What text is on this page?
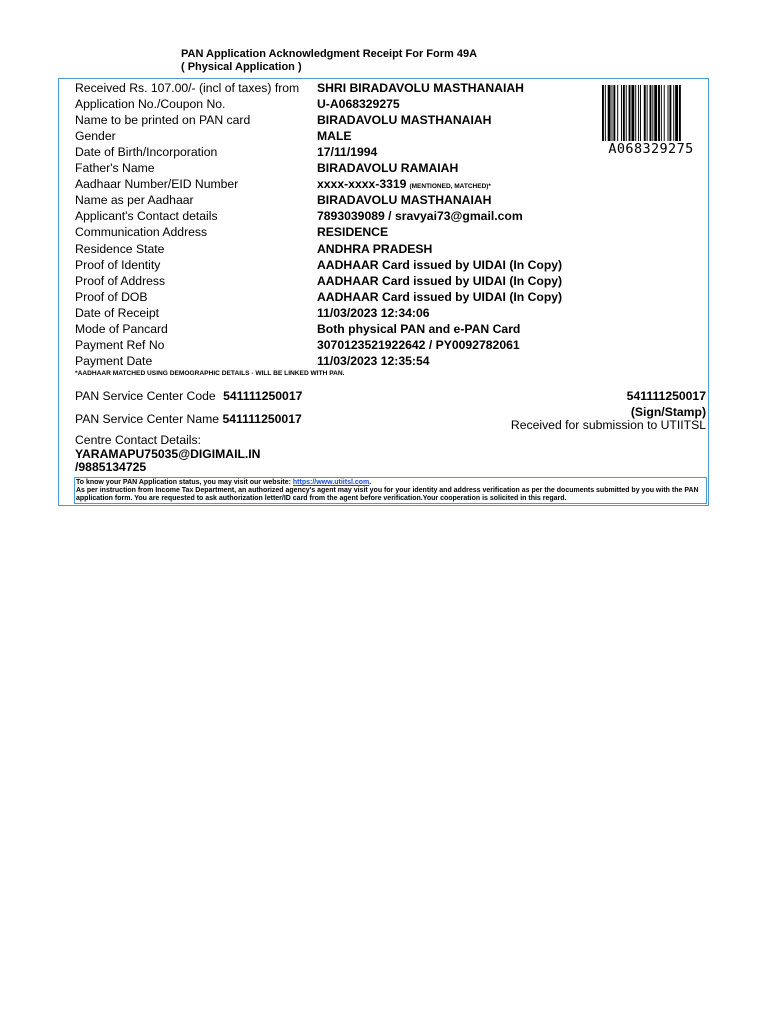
PAN Application Acknowledgment Receipt For Form 49A
( Physical Application )
Received Rs. 107.00/- (incl of taxes) from SHRI BIRADAVOLU MASTHANAIAH
Application No./Coupon No.	U-A068329275
Name to be printed on PAN card	BIRADAVOLU MASTHANAIAH
Gender	MALE
Date of Birth/Incorporation	17/11/1994
Father's Name	BIRADAVOLU RAMAIAH
Aadhaar Number/EID Number	xxxx-xxxx-3319 (MENTIONED, MATCHED)*
Name as per Aadhaar	BIRADAVOLU MASTHANAIAH
Applicant's Contact details	7893039089 / sravyai73@gmail.com
Communication Address	RESIDENCE
Residence State	ANDHRA PRADESH
Proof of Identity	AADHAAR Card issued by UIDAI (In Copy)
Proof of Address	AADHAAR Card issued by UIDAI (In Copy)
Proof of DOB	AADHAAR Card issued by UIDAI (In Copy)
Date of Receipt	11/03/2023 12:34:06
Mode of Pancard	Both physical PAN and e-PAN Card
Payment Ref No	3070123521922642 / PY0092782061
Payment Date	11/03/2023 12:35:54
A068329275
*AADHAAR MATCHED USING DEMOGRAPHIC DETAILS - WILL BE LINKED WITH PAN.
PAN Service Center Code 541111250017
PAN Service Center Name 541111250017
541111250017
(Sign/Stamp)
Received for submission to UTIITSL
Centre Contact Details:
YARAMAPU75035@DIGIMAIL.IN
/9885134725
To know your PAN Application status, you may visit our website: https://www.utiitsl.com.
As per instruction from Income Tax Department, an authorized agency's agent may visit you for your identity and address verification as per the documents submitted by you with the PAN application form. You are requested to ask authorization letter/ID card from the agent before verification.Your cooperation is solicited in this regard.
